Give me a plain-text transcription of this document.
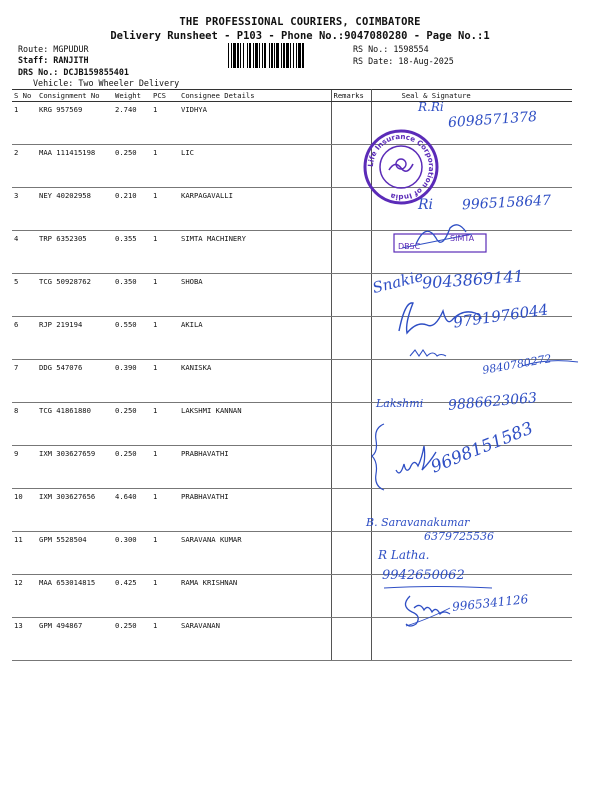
THE PROFESSIONAL COURIERS, COIMBATORE
Delivery Runsheet - P103 - Phone No.:9047080280 - Page No.:1
Route: MGPUDUR
Staff: RANJITH
DRS No.: DCJB159855401
Vehicle: Two Wheeler Delivery
RS No.: 1598554
RS Date: 18-Aug-2025
S No	Consignment No	Weight	PCS	Consignee Details	Remarks	Seal & Signature
1	KRG 957569	2.740	1	VIDHYA		
2	MAA 111415198	0.250	1	LIC		
3	NEY 40202958	0.210	1	KARPAGAVALLI		
4	TRP 6352305	0.355	1	SIMTA MACHINERY		
5	TCG 50928762	0.350	1	SHOBA		
6	RJP 219194	0.550	1	AKILA		
7	DDG 547076	0.390	1	KANISKA		
8	TCG 41861880	0.250	1	LAKSHMI KANNAN		
9	IXM 303627659	0.250	1	PRABHAVATHI		
10	IXM 303627656	4.640	1	PRABHAVATHI		
11	GPM 5528504	0.300	1	SARAVANA KUMAR		
12	MAA 653014815	0.425	1	RAMA KRISHNAN		
13	GPM 494867	0.250	1	SARAVANAN		
Life Insurance Corporation of India
R.Ri
6098571378
Ri 9965158647
DBSC
SIMTA
Snakie
9043869141
9791976044
9840780272
Lakshmi 9886623063
9698151583
B. Saravanakumar
6379725536
R Latha.
9942650062
9965341126
